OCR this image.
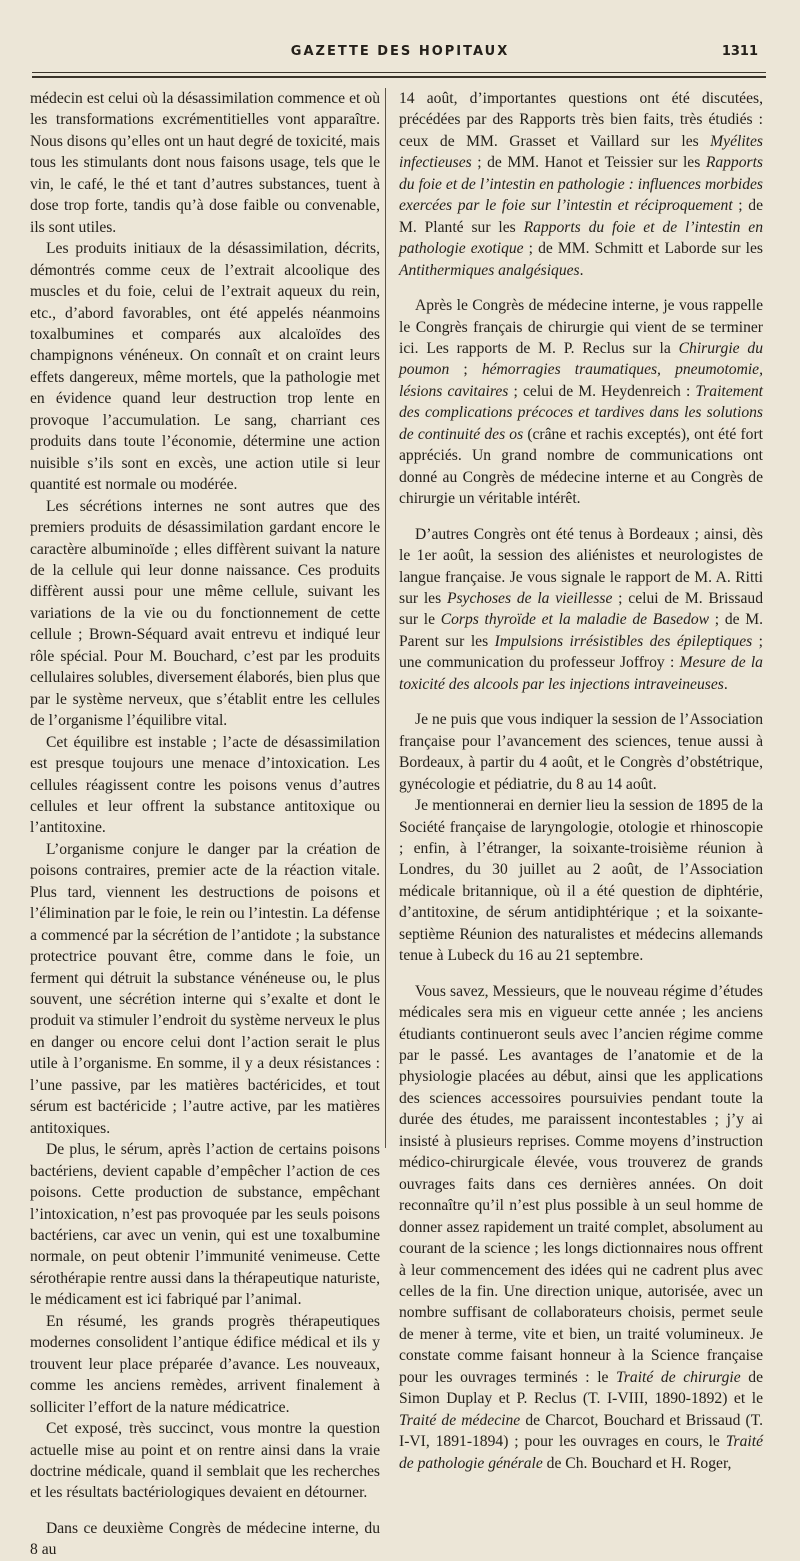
GAZETTE DES HOPITAUX	1311

médecin est celui où la désassimilation commence et où les transformations excrémentitielles vont apparaître. Nous disons qu’elles ont un haut degré de toxicité, mais tous les stimulants dont nous faisons usage, tels que le vin, le café, le thé et tant d’autres substances, tuent à dose trop forte, tandis qu’à dose faible ou convenable, ils sont utiles.

Les produits initiaux de la désassimilation, décrits, démontrés comme ceux de l’extrait alcoolique des muscles et du foie, celui de l’extrait aqueux du rein, etc., d’abord favorables, ont été appelés néanmoins toxalbumines et comparés aux alcaloïdes des champignons vénéneux. On connaît et on craint leurs effets dangereux, même mortels, que la pathologie met en évidence quand leur destruction trop lente en provoque l’accumulation. Le sang, charriant ces produits dans toute l’économie, détermine une action nuisible s’ils sont en excès, une action utile si leur quantité est normale ou modérée.

Les sécrétions internes ne sont autres que des premiers produits de désassimilation gardant encore le caractère albuminoïde ; elles diffèrent suivant la nature de la cellule qui leur donne naissance. Ces produits diffèrent aussi pour une même cellule, suivant les variations de la vie ou du fonctionnement de cette cellule ; Brown-Séquard avait entrevu et indiqué leur rôle spécial. Pour M. Bouchard, c’est par les produits cellulaires solubles, diversement élaborés, bien plus que par le système nerveux, que s’établit entre les cellules de l’organisme l’équilibre vital.

Cet équilibre est instable ; l’acte de désassimilation est presque toujours une menace d’intoxication. Les cellules réagissent contre les poisons venus d’autres cellules et leur offrent la substance antitoxique ou l’antitoxine.

L’organisme conjure le danger par la création de poisons contraires, premier acte de la réaction vitale. Plus tard, viennent les destructions de poisons et l’élimination par le foie, le rein ou l’intestin. La défense a commencé par la sécrétion de l’antidote ; la substance protectrice pouvant être, comme dans le foie, un ferment qui détruit la substance vénéneuse ou, le plus souvent, une sécrétion interne qui s’exalte et dont le produit va stimuler l’endroit du système nerveux le plus en danger ou encore celui dont l’action serait le plus utile à l’organisme. En somme, il y a deux résistances : l’une passive, par les matières bactéricides, et tout sérum est bactéricide ; l’autre active, par les matières antitoxiques.

De plus, le sérum, après l’action de certains poisons bactériens, devient capable d’empêcher l’action de ces poisons. Cette production de substance, empêchant l’intoxication, n’est pas provoquée par les seuls poisons bactériens, car avec un venin, qui est une toxalbumine normale, on peut obtenir l’immunité venimeuse. Cette sérothérapie rentre aussi dans la thérapeutique naturiste, le médicament est ici fabriqué par l’animal.

En résumé, les grands progrès thérapeutiques modernes consolident l’antique édifice médical et ils y trouvent leur place préparée d’avance. Les nouveaux, comme les anciens remèdes, arrivent finalement à solliciter l’effort de la nature médicatrice.

Cet exposé, très succinct, vous montre la question actuelle mise au point et on rentre ainsi dans la vraie doctrine médicale, quand il semblait que les recherches et les résultats bactériologiques devaient en détourner.

Dans ce deuxième Congrès de médecine interne, du 8 au

14 août, d’importantes questions ont été discutées, précédées par des Rapports très bien faits, très étudiés : ceux de MM. Grasset et Vaillard sur les Myélites infectieuses ; de MM. Hanot et Teissier sur les Rapports du foie et de l’intestin en pathologie : influences morbides exercées par le foie sur l’intestin et réciproquement ; de M. Planté sur les Rapports du foie et de l’intestin en pathologie exotique ; de MM. Schmitt et Laborde sur les Antithermiques analgésiques.

Après le Congrès de médecine interne, je vous rappelle le Congrès français de chirurgie qui vient de se terminer ici. Les rapports de M. P. Reclus sur la Chirurgie du poumon ; hémorragies traumatiques, pneumotomie, lésions cavitaires ; celui de M. Heydenreich : Traitement des complications précoces et tardives dans les solutions de continuité des os (crâne et rachis exceptés), ont été fort appréciés. Un grand nombre de communications ont donné au Congrès de médecine interne et au Congrès de chirurgie un véritable intérêt.

D’autres Congrès ont été tenus à Bordeaux ; ainsi, dès le 1er août, la session des aliénistes et neurologistes de langue française. Je vous signale le rapport de M. A. Ritti sur les Psychoses de la vieillesse ; celui de M. Brissaud sur le Corps thyroïde et la maladie de Basedow ; de M. Parent sur les Impulsions irrésistibles des épileptiques ; une communication du professeur Joffroy : Mesure de la toxicité des alcools par les injections intraveineuses.

Je ne puis que vous indiquer la session de l’Association française pour l’avancement des sciences, tenue aussi à Bordeaux, à partir du 4 août, et le Congrès d’obstétrique, gynécologie et pédiatrie, du 8 au 14 août.

Je mentionnerai en dernier lieu la session de 1895 de la Société française de laryngologie, otologie et rhinoscopie ; enfin, à l’étranger, la soixante-troisième réunion à Londres, du 30 juillet au 2 août, de l’Association médicale britannique, où il a été question de diphtérie, d’antitoxine, de sérum antidiphtérique ; et la soixante-septième Réunion des naturalistes et médecins allemands tenue à Lubeck du 16 au 21 septembre.

Vous savez, Messieurs, que le nouveau régime d’études médicales sera mis en vigueur cette année ; les anciens étudiants continueront seuls avec l’ancien régime comme par le passé. Les avantages de l’anatomie et de la physiologie placées au début, ainsi que les applications des sciences accessoires poursuivies pendant toute la durée des études, me paraissent incontestables ; j’y ai insisté à plusieurs reprises. Comme moyens d’instruction médico-chirurgicale élevée, vous trouverez de grands ouvrages faits dans ces dernières années. On doit reconnaître qu’il n’est plus possible à un seul homme de donner assez rapidement un traité complet, absolument au courant de la science ; les longs dictionnaires nous offrent à leur commencement des idées qui ne cadrent plus avec celles de la fin. Une direction unique, autorisée, avec un nombre suffisant de collaborateurs choisis, permet seule de mener à terme, vite et bien, un traité volumineux. Je constate comme faisant honneur à la Science française pour les ouvrages terminés : le Traité de chirurgie de Simon Duplay et P. Reclus (T. I-VIII, 1890-1892) et le Traité de médecine de Charcot, Bouchard et Brissaud (T. I-VI, 1891-1894) ; pour les ouvrages en cours, le Traité de pathologie générale de Ch. Bouchard et H. Roger,
